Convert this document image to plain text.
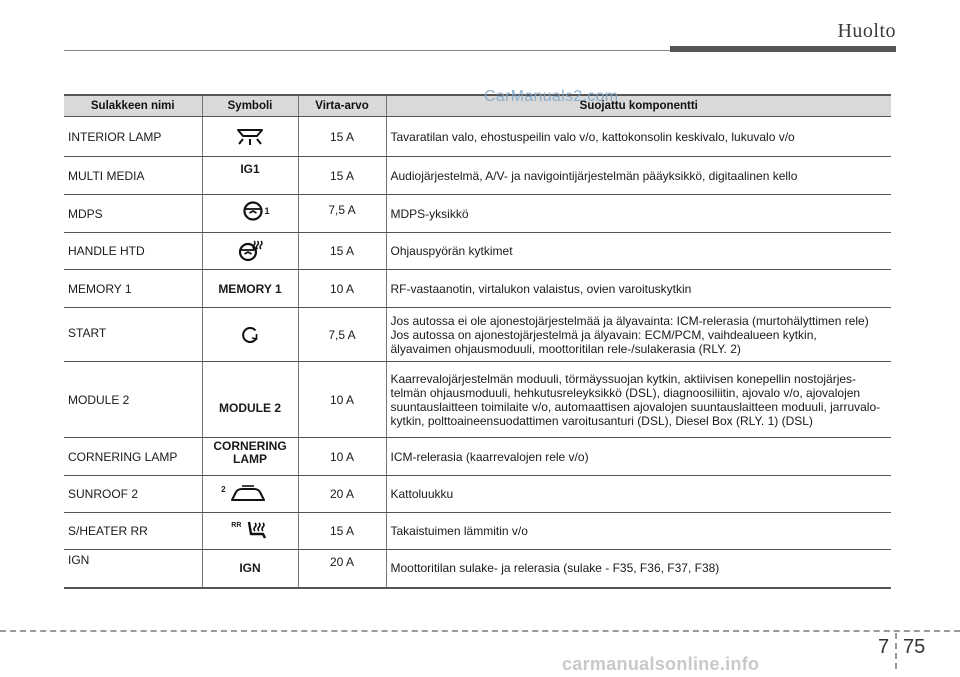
Huolto
Sulakkeen nimi	Symboli	Virta-arvo	Suojattu komponentti
INTERIOR LAMP		15 A	Tavaratilan valo, ehostuspeilin valo v/o, kattokonsolin keskivalo, lukuvalo v/o
MULTI MEDIA	IG1	15 A	Audiojärjestelmä, A/V- ja navigointijärjestelmän pääyksikkö, digitaalinen kello
MDPS	1	7,5 A	MDPS-yksikkö
HANDLE HTD		15 A	Ohjauspyörän kytkimet
MEMORY 1	MEMORY 1	10 A	RF-vastaanotin, virtalukon valaistus, ovien varoituskytkin
START		7,5 A	Jos autossa ei ole ajonestojärjestelmää ja älyavainta: ICM-relerasia (murtohälyttimen rele)
Jos autossa on ajonestojärjestelmä ja älyavain: ECM/PCM, vaihdealueen kytkin,
älyavaimen ohjausmoduuli, moottoritilan rele-/sulakerasia (RLY. 2)

MODULE 2	MODULE 2	10 A	Kaarrevalojärjestelmän moduuli, törmäyssuojan kytkin, aktiivisen konepellin nostojärjes-
telmän ohjausmoduuli, hehkutusreleyksikkö (DSL), diagnoosiliitin, ajovalo v/o, ajovalojen
suuntauslaitteen toimilaite v/o, automaattisen ajovalojen suuntauslaitteen moduuli, jarruvalo-
kytkin, polttoaineensuodattimen varoitusanturi (DSL), Diesel Box (RLY. 1) (DSL)

CORNERING LAMP	CORNERING
LAMP	10 A	ICM-relerasia (kaarrevalojen rele v/o)
SUNROOF 2	$^2$	20 A	Kattoluukku
S/HEATER RR	$^{RR}$	15 A	Takaistuimen lämmitin v/o
IGN	IGN	20 A	Moottoritilan sulake- ja relerasia (sulake - F35, F36, F37, F38)
CarManuals2.com
7 75
carmanualsonline.info
